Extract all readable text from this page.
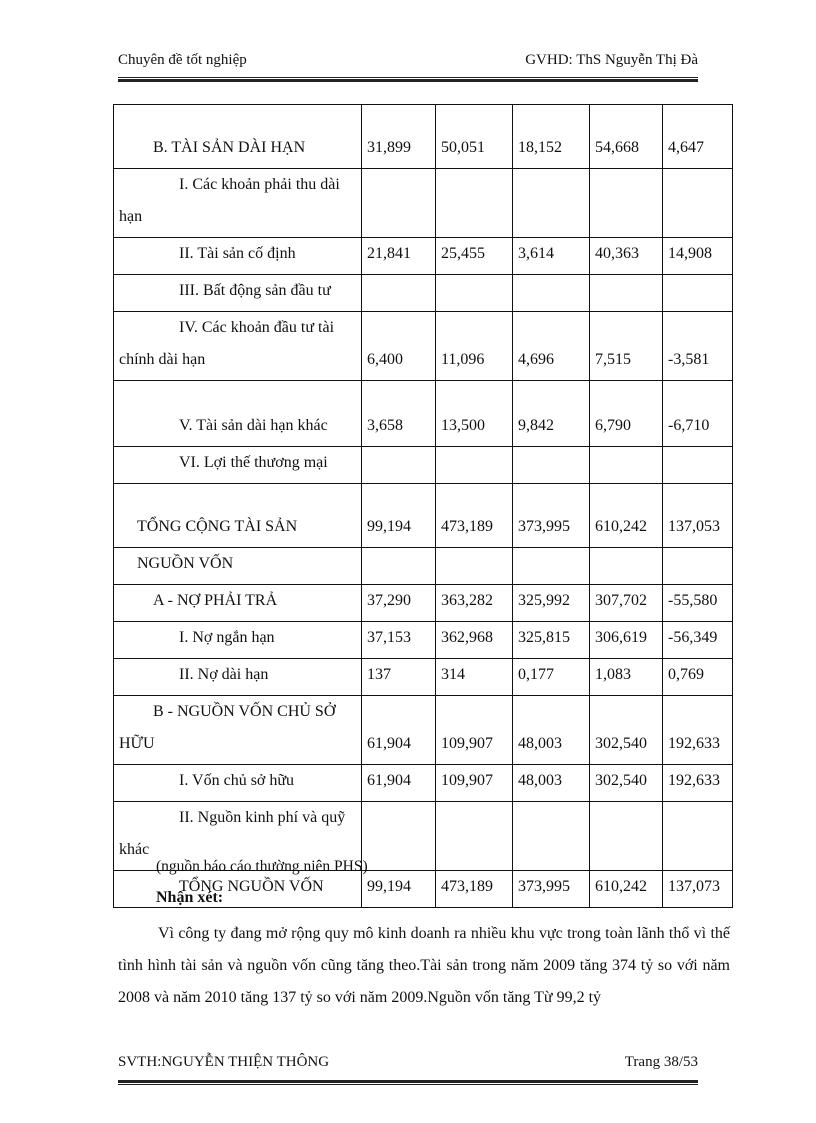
Chuyên đề tốt nghiệp	GVHD: ThS Nguyễn Thị Đà
B. TÀI SẢN DÀI HẠN	31,899	50,051	18,152	54,668	4,647

I. Các khoản phải thu dài
hạn					

II. Tài sản cố định	21,841	25,455	3,614	40,363	14,908

III. Bất động sản đầu tư					

IV. Các khoản đầu tư tài
chính dài hạn	6,400	11,096	4,696	7,515	-3,581

V. Tài sản dài hạn khác	3,658	13,500	9,842	6,790	-6,710

VI. Lợi thế thương mại					

TỔNG CỘNG TÀI SẢN	99,194	473,189	373,995	610,242	137,053

NGUỒN VỐN					

A - NỢ PHẢI TRẢ	37,290	363,282	325,992	307,702	-55,580

I. Nợ ngắn hạn	37,153	362,968	325,815	306,619	-56,349

II. Nợ dài hạn	137	314	0,177	1,083	0,769

B - NGUỒN VỐN CHỦ SỞ
HỮU	61,904	109,907	48,003	302,540	192,633

I. Vốn chủ sở hữu	61,904	109,907	48,003	302,540	192,633

II. Nguồn kinh phí và quỹ
khác					

TỔNG NGUỒN VỐN	99,194	473,189	373,995	610,242	137,073
(nguồn báo cáo thường niên PHS)
Nhận xét:
Vì công ty đang mở rộng quy mô kinh doanh ra nhiều khu vực trong toàn lãnh thổ vì thế tình hình tài sản và nguồn vốn cũng tăng theo.Tài sản trong năm 2009 tăng 374 tỷ so với năm 2008 và năm 2010 tăng 137 tỷ so với năm 2009.Nguồn vốn tăng Từ 99,2 tỷ
SVTH:NGUYỄN THIỆN THÔNG	Trang 38/53
